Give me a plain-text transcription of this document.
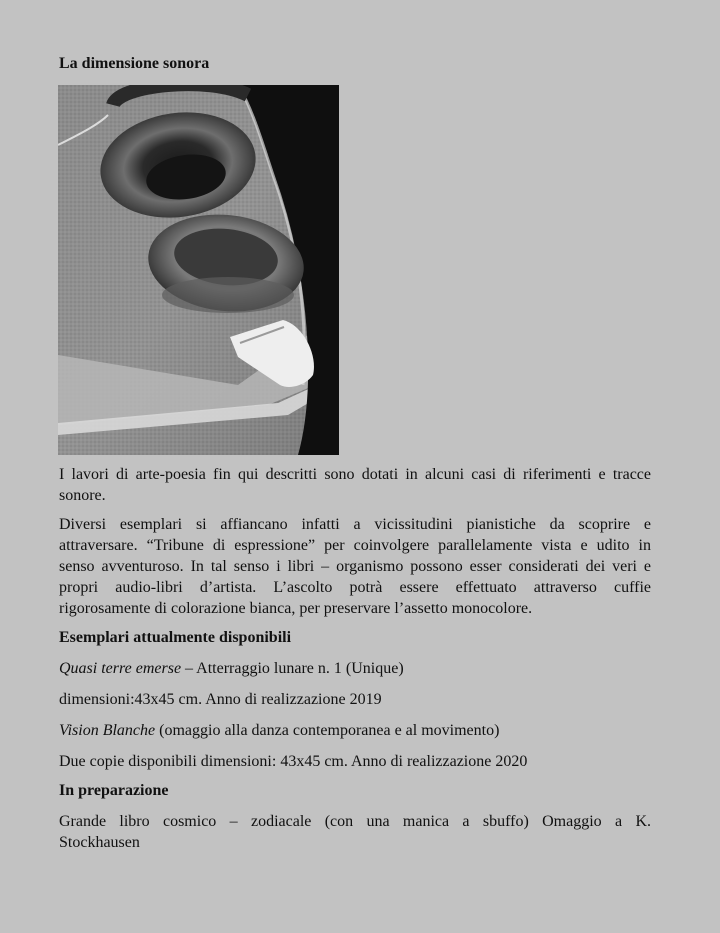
La dimensione sonora

I lavori di arte-poesia fin qui descritti sono dotati in alcuni casi di riferimenti e tracce sonore.

Diversi esemplari si affiancano infatti a vicissitudini pianistiche da scoprire e
attraversare. “Tribune di espressione” per coinvolgere parallelamente vista e udito in
senso avventuroso. In tal senso i libri – organismo possono esser considerati dei veri e
propri audio-libri d’artista. L’ascolto potrà essere effettuato attraverso cuffie
rigorosamente di colorazione bianca, per preservare l’assetto monocolore.

Esemplari attualmente disponibili

Quasi terre emerse – Atterraggio lunare n. 1 (Unique)

dimensioni:43x45 cm. Anno di realizzazione 2019

Vision Blanche (omaggio alla danza contemporanea e al movimento)

Due copie disponibili dimensioni: 43x45 cm. Anno di realizzazione 2020

In preparazione

Grande libro cosmico – zodiacale (con una manica a sbuffo) Omaggio a K.
Stockhausen
